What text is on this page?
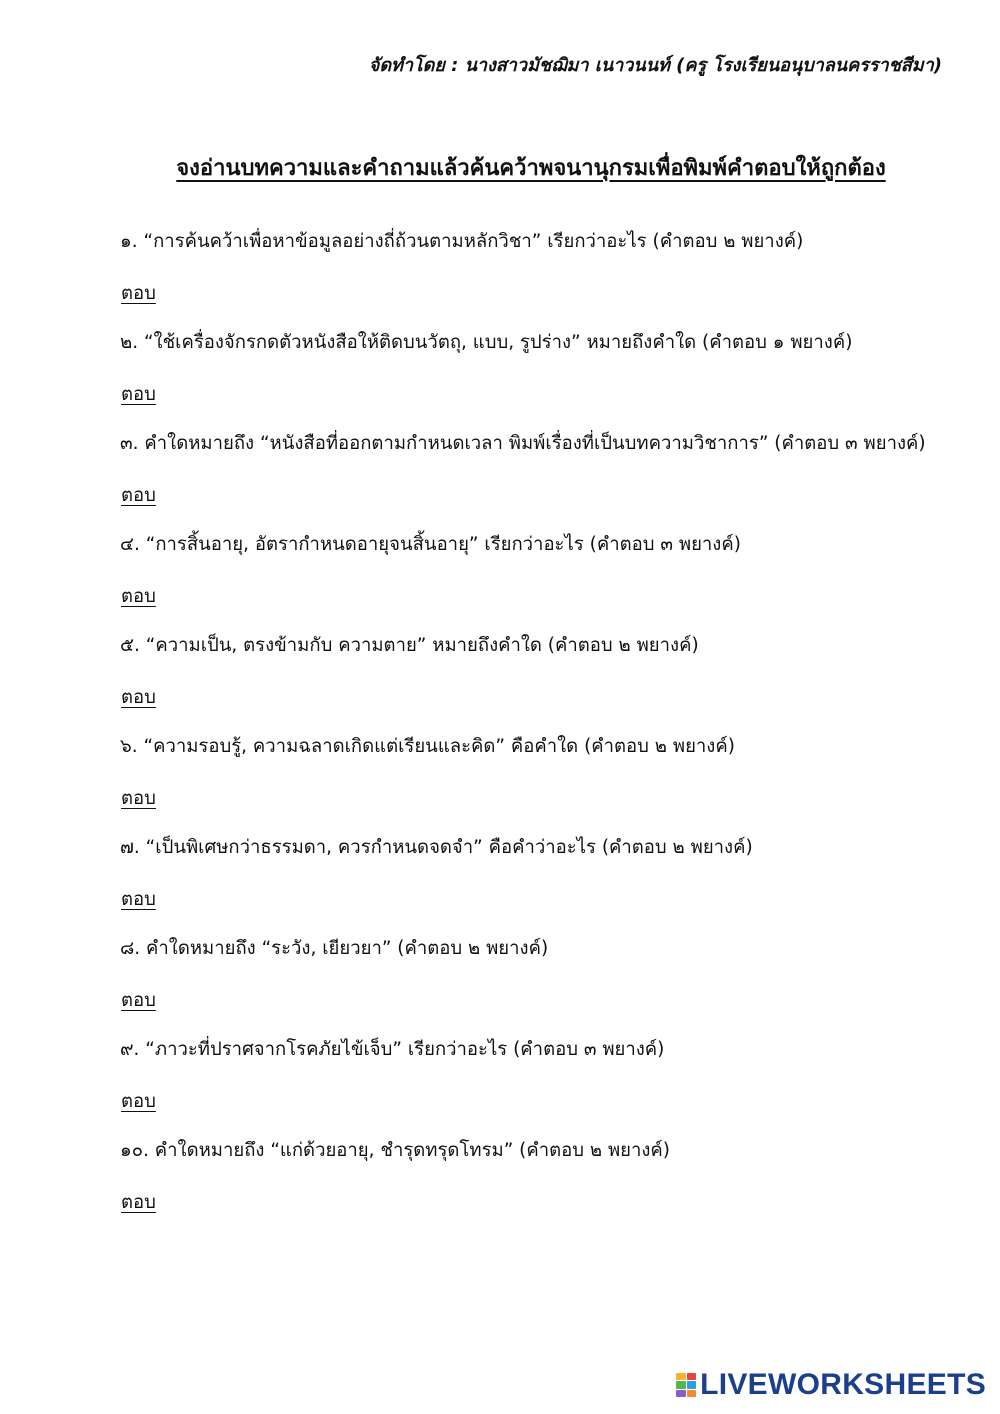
จัดทำโดย : นางสาวมัชฌิมา เนาวนนท์ (ครู โรงเรียนอนุบาลนครราชสีมา)
จงอ่านบทความและคำถามแล้วค้นคว้าพจนานุกรมเพื่อพิมพ์คำตอบให้ถูกต้อง
๑. “การค้นคว้าเพื่อหาข้อมูลอย่างถี่ถ้วนตามหลักวิชา” เรียกว่าอะไร (คำตอบ ๒ พยางค์)
ตอบ
๒. “ใช้เครื่องจักรกดตัวหนังสือให้ติดบนวัตถุ, แบบ, รูปร่าง” หมายถึงคำใด (คำตอบ ๑ พยางค์)
ตอบ
๓. คำใดหมายถึง “หนังสือที่ออกตามกำหนดเวลา พิมพ์เรื่องที่เป็นบทความวิชาการ” (คำตอบ ๓ พยางค์)
ตอบ
๔. “การสิ้นอายุ, อัตรากำหนดอายุจนสิ้นอายุ” เรียกว่าอะไร (คำตอบ ๓ พยางค์)
ตอบ
๕. “ความเป็น, ตรงข้ามกับ ความตาย” หมายถึงคำใด (คำตอบ ๒ พยางค์)
ตอบ
๖. “ความรอบรู้, ความฉลาดเกิดแต่เรียนและคิด” คือคำใด (คำตอบ ๒ พยางค์)
ตอบ
๗. “เป็นพิเศษกว่าธรรมดา, ควรกำหนดจดจำ” คือคำว่าอะไร (คำตอบ ๒ พยางค์)
ตอบ
๘. คำใดหมายถึง “ระวัง, เยียวยา” (คำตอบ ๒ พยางค์)
ตอบ
๙. “ภาวะที่ปราศจากโรคภัยไข้เจ็บ” เรียกว่าอะไร (คำตอบ ๓ พยางค์)
ตอบ
๑๐. คำใดหมายถึง “แก่ด้วยอายุ, ชำรุดทรุดโทรม” (คำตอบ ๒ พยางค์)
ตอบ
LIVEWORKSHEETS
